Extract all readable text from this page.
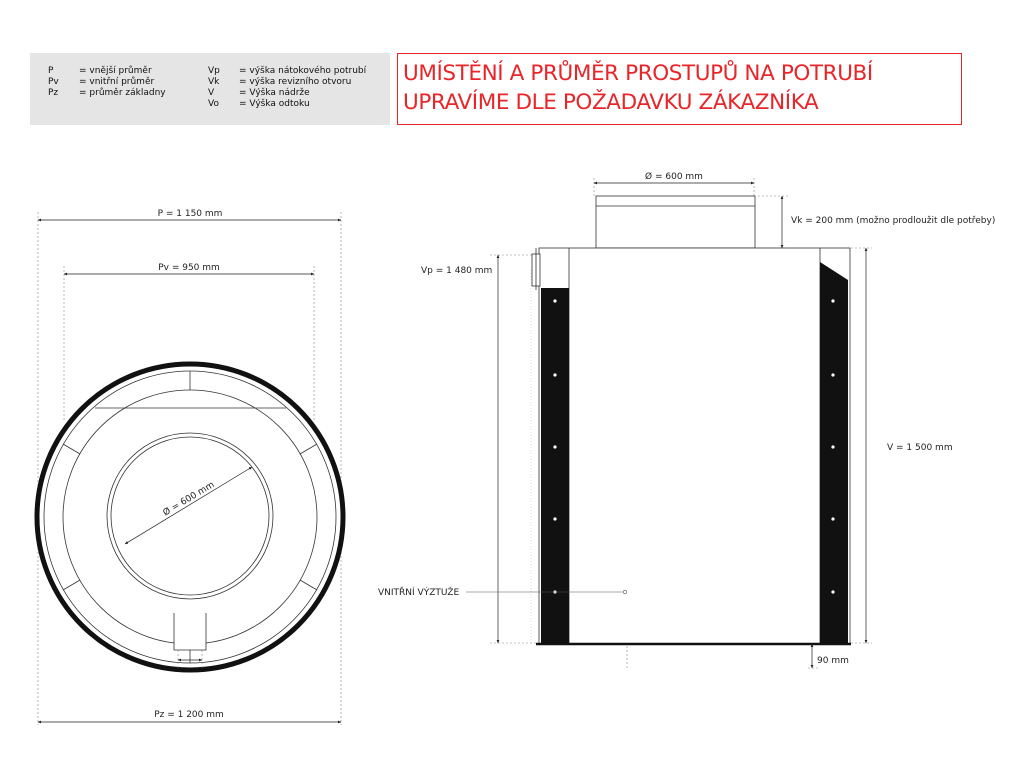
P	= vnější průměr
Pv = vnitřní průměr
Pz = průměr základny
Vp = výška nátokového potrubí
Vk = výška revizního otvoru
V	= Výška nádrže
Vo = Výška odtoku
UMÍSTĚNÍ A PRŮMĚR PROSTUPŮ NA POTRUBÍ
UPRAVÍME DLE POŽADAVKU ZÁKAZNÍKA
P = 1 150 mm
Pv = 950 mm
Ø = 600 mm
Pz = 1 200 mm
Ø = 600 mm
Vk = 200 mm (možno prodloužit dle potřeby)
Vp = 1 480 mm
V = 1 500 mm
90 mm
VNITŘNÍ VÝZTUŽE
